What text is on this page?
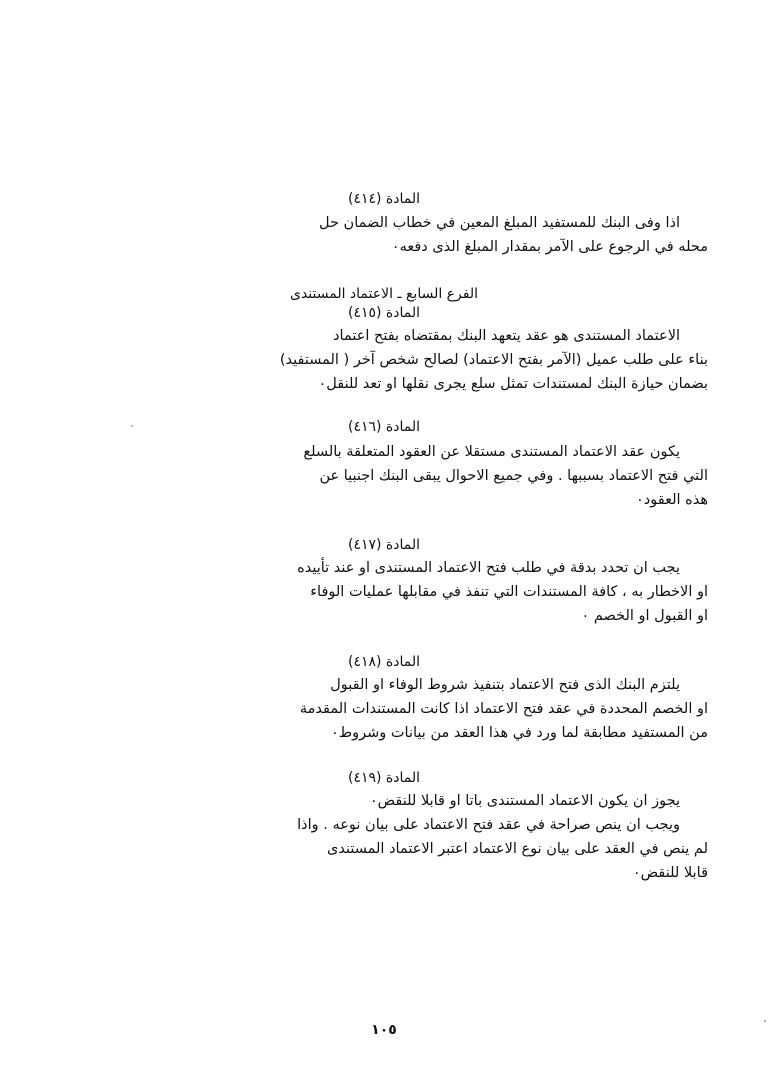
المادة (٤١٤)
اذا وفى البنك للمستفيد المبلغ المعين في خطاب الضمان حل
محله في الرجوع على الآمر بمقدار المبلغ الذى دفعه٠
الفرع السابع ـ الاعتماد المستندى
المادة (٤١٥)
الاعتماد المستندى هو عقد يتعهد البنك بمقتضاه بفتح اعتماد
بناء على طلب عميل (الآمر بفتح الاعتماد) لصالح شخص آخر ( المستفيد)
بضمان حيازة البنك لمستندات تمثل سلع يجرى نقلها او تعد للنقل٠
المادة (٤١٦)
يكون عقد الاعتماد المستندى مستقلا عن العقود المتعلقة بالسلع
التي فتح الاعتماد بسببها . وفي جميع الاحوال يبقى البنك اجنبيا عن
هذه العقود٠
المادة (٤١٧)
يجب ان تحدد بدقة في طلب فتح الاعتماد المستندى او عند تأييده
او الاخطار به ، كافة المستندات التي تنفذ في مقابلها عمليات الوفاء
او القبول او الخصم ٠
المادة (٤١٨)
يلتزم البنك الذى فتح الاعتماد بتنفيذ شروط الوفاء او القبول
او الخصم المحددة في عقد فتح الاعتماد اذا كانت المستندات المقدمة
من المستفيد مطابقة لما ورد في هذا العقد من بيانات وشروط٠
المادة (٤١٩)
يجوز ان يكون الاعتماد المستندى باتا او قابلا للنقض٠
ويجب ان ينص صراحة في عقد فتح الاعتماد على بيان نوعه . واذا
لم ينص في العقد على بيان نوع الاعتماد اعتبر الاعتماد المستندى
قابلا للنقض٠
١٠٥
